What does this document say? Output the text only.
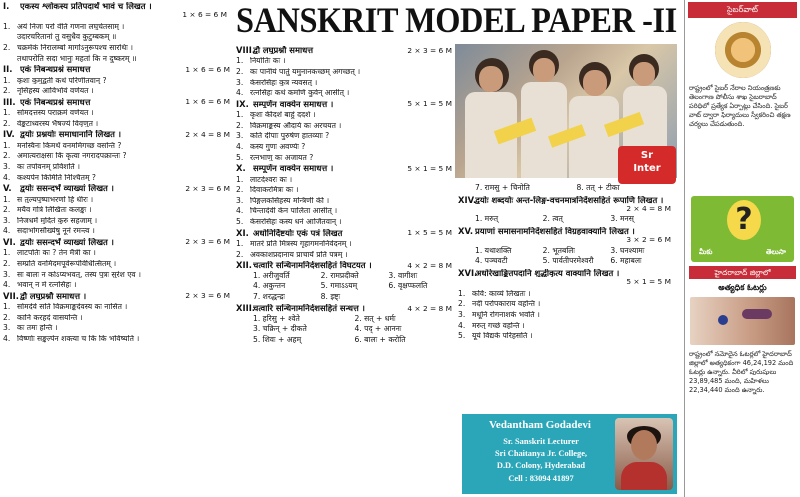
SANSKRIT MODEL PAPER -II
I.	एकस्य श्लोकस्य प्रतिपदार्थं भावं च लिखत ।
1 × 6 = 6 M
1. अयं निजः परो वेति गणना लघुचेतसाम् ।
उदारचरितानां तु वसुधैव कुटुम्बकम् ॥
2. चक्रमेकं निरालम्बो मार्गोऽनुरूपश्च सारथिः ।
तथापरोति सदा भानुः महतां कि न दुष्करम् ॥
II. एकं निबन्धप्रश्नं समाधत्त	1 × 6 = 6 M
1. कृशः कुमुद्वतीं कथं परिणीतवान् ?
2. नृसिंहस्य आविर्भावं वर्णयत ।
III. एकं निबन्धप्रश्नं समाधत्त	1 × 6 = 6 M
1. सोमदत्तस्य पराक्रमं वर्णयत ।
2. वेङ्कटाध्वरस्य भैषज्यं विवृणुत ।
IV. द्वयोः प्रश्नयोः समाधानानि लिखत ।	2 × 4 = 8 M
1. मनस्विनः किमर्थं वनममिगच्छ वसन्ति ?
2. अमात्यराक्षसः किं कृत्वा नगरादपक्रान्तः ?
3. कः तपोवनम् प्रविशति ।
4. कश्यपेन किमिति निश्चितम् ?
V.	द्वयोः ससन्दर्भं व्याख्यां लिखत ।	2 × 3 = 6 M
1. स तुल्यपुष्पाभरणो हि धीरः ।
2. मयैव गोत्रे लिखितः कलङ्कः ।
3. निजधर्मं मुदितं कुरु सहजाम् ।
4. सदाभोगसौख्येषु नूनं रमन्त्व ।
VI. द्वयोः ससन्दर्भं व्याख्यां लिखत ।	2 × 3 = 6 M
1. लाटपतिः कः ? तेन मैत्री का ।
2. सम्प्रति वनमिदमपूर्वरूपंविधित्सितम् ।
3. सः बालः न कोऽप्यभवत्, तस्य पुत्रः सुरेश एव ।
4. भवान् न मे रत्नसिंहः ।
VII. द्वौ लघुप्रश्नौ समाधत्त ।	2 × 3 = 6 M
1. सोमदेवे सति विक्रमाङ्कदेवस्य कः नासित ।
2. कानि करहदं वासयन्ति ।
3. कः तमः हन्ति ।
4. विष्णोः सङ्कल्पेन शक्त्या च किं कि भविष्यति ।
VIII.
द्वौ लघुप्रश्नौ समाधत्त	2 × 3 = 6 M
1. निर्यातिः कः ।
2. कः पानीयं पातुं यमुनानकच्छम् अगच्छत् ।
3. केसरसिंहः कुत्र न्यवसत् ।
4. रत्नसिंहः कथं कमणि कुर्वन् आसीत् ।
IX. सम्पूर्णेन वाक्येन समाधत्त ।	5 × 1 = 5 M
1. कृशः कीदशं बाहुं ददर्श ।
2. विक्रमाङ्कस्य औदार्य कः अरचयत ।
3. कति दीपाः पुरुषेण हातव्याः ?
4. कस्य गुणः अवर्ण्यः ?
5. रत्नभाणु कः अजायत ?
X. सम्पूर्णेन वाक्येन समाधत्त ।	5 × 1 = 5 M
1. लाटदेश्वरः कः ।
2. दिवाकरमित्रः कः ।
3. पिङ्गलकसिंहस्य मन्त्रिणी की ।
4. चिन्तादेवी केन पालिता आसीत् ।
5. केसरसिंहः कस्य धनं आर्जितवान् ।
XI. अधोनिर्दिष्टयोः एकं पत्रं लिखत	1 × 5 = 5 M
1. मातरं प्रति मित्रस्य गृहागमननिवेदनम् ।
2. अवकाशप्रदानाय प्राचार्यं प्रति पत्रम् ।
XII. चत्वारि सन्धिनामनिर्दशसहितं विघटयत ।	4 × 2 = 8 M
1. अरीजुवर्ति	2. रामप्रदीक्ते	3. वागीशः
4. अकुन्तन	5. गमाऽऽयम्	6. वृक्षप्फलति
7. शरद्धन्द्रः	8. इष्ट्ः
XIII.
चत्वारि सन्धिनामनिर्दशसहितं सन्धत्त ।	4 × 2 = 8 M
1. हरिसु + श्वेते	2. सत् + धर्मः
3. चक्रिन् + दीकते	4. पद् + आननः
5. शिवः + अहम्	6. बालः + करोति
Sr
Inter
7. रामसु + चिनोति	8. तत् + टीका
XIV.
द्वयोः शब्दयोः अन्त-लिङ्ग-वचनमात्रनिर्देशसहितं रूपाणि लिखत ।
2 × 4 = 8 M
1. मरुत्	2. त्वत्	3. मनस्
XV. प्रयाणां समासनामनिर्देशसहितं विग्रहवाक्यानि लिखत ।
3 × 2 = 6 M
1. यथाशक्ति	2. भूतबलिः	3. घनश्यामः
4. पञ्चवटी	5. पार्वतीपरमेश्वरौ	6. महाबलः
XVI.
अधोरेखाङ्कितपदानि शुद्धीकृत्य वाक्यानि लिखत ।
5 × 1 = 5 M
1. कवि: काव्यं लिखतः ।
2. नदी परोपकाराय वहन्ति ।
3. मधूनि रोगनाशकं भवति ।
4. मरुत् गच्छं वहन्ति ।
5. यूयं विद्यके परिहसति ।
Vedantham Godadevi
Sr. Sanskrit Lecturer
Sri Chaitanya Jr. College,
D.D. Colony, Hyderabad
Cell : 83094 41897
సైబర్‌వాట్
రాష్ట్రంలో సైబర్ నేరాల నియంత్రణకు తెలంగాణ పోలీసు శాఖ సైబరాబాద్ పరిధిలో ప్రత్యేక ఏర్పాట్లు చేసింది. సైబర్ వాట్ ద్వారా ఫిర్యాదులు స్వీకరించి తక్షణ చర్యలు చేపడుతుంది.
?
మీకు	తెలుసా
హైదరాబాద్ జిల్లాలో
అత్యధిక ఓటర్లు
రాష్ట్రంలో నమోదైన ఓటర్లలో హైదరాబాద్ జిల్లాలో అత్యధికంగా 46,24,192 మంది ఓటర్లు ఉన్నారు. వీరిలో పురుషులు 23,89,485 మంది, మహిళలు 22,34,440 మంది ఉన్నారు.
